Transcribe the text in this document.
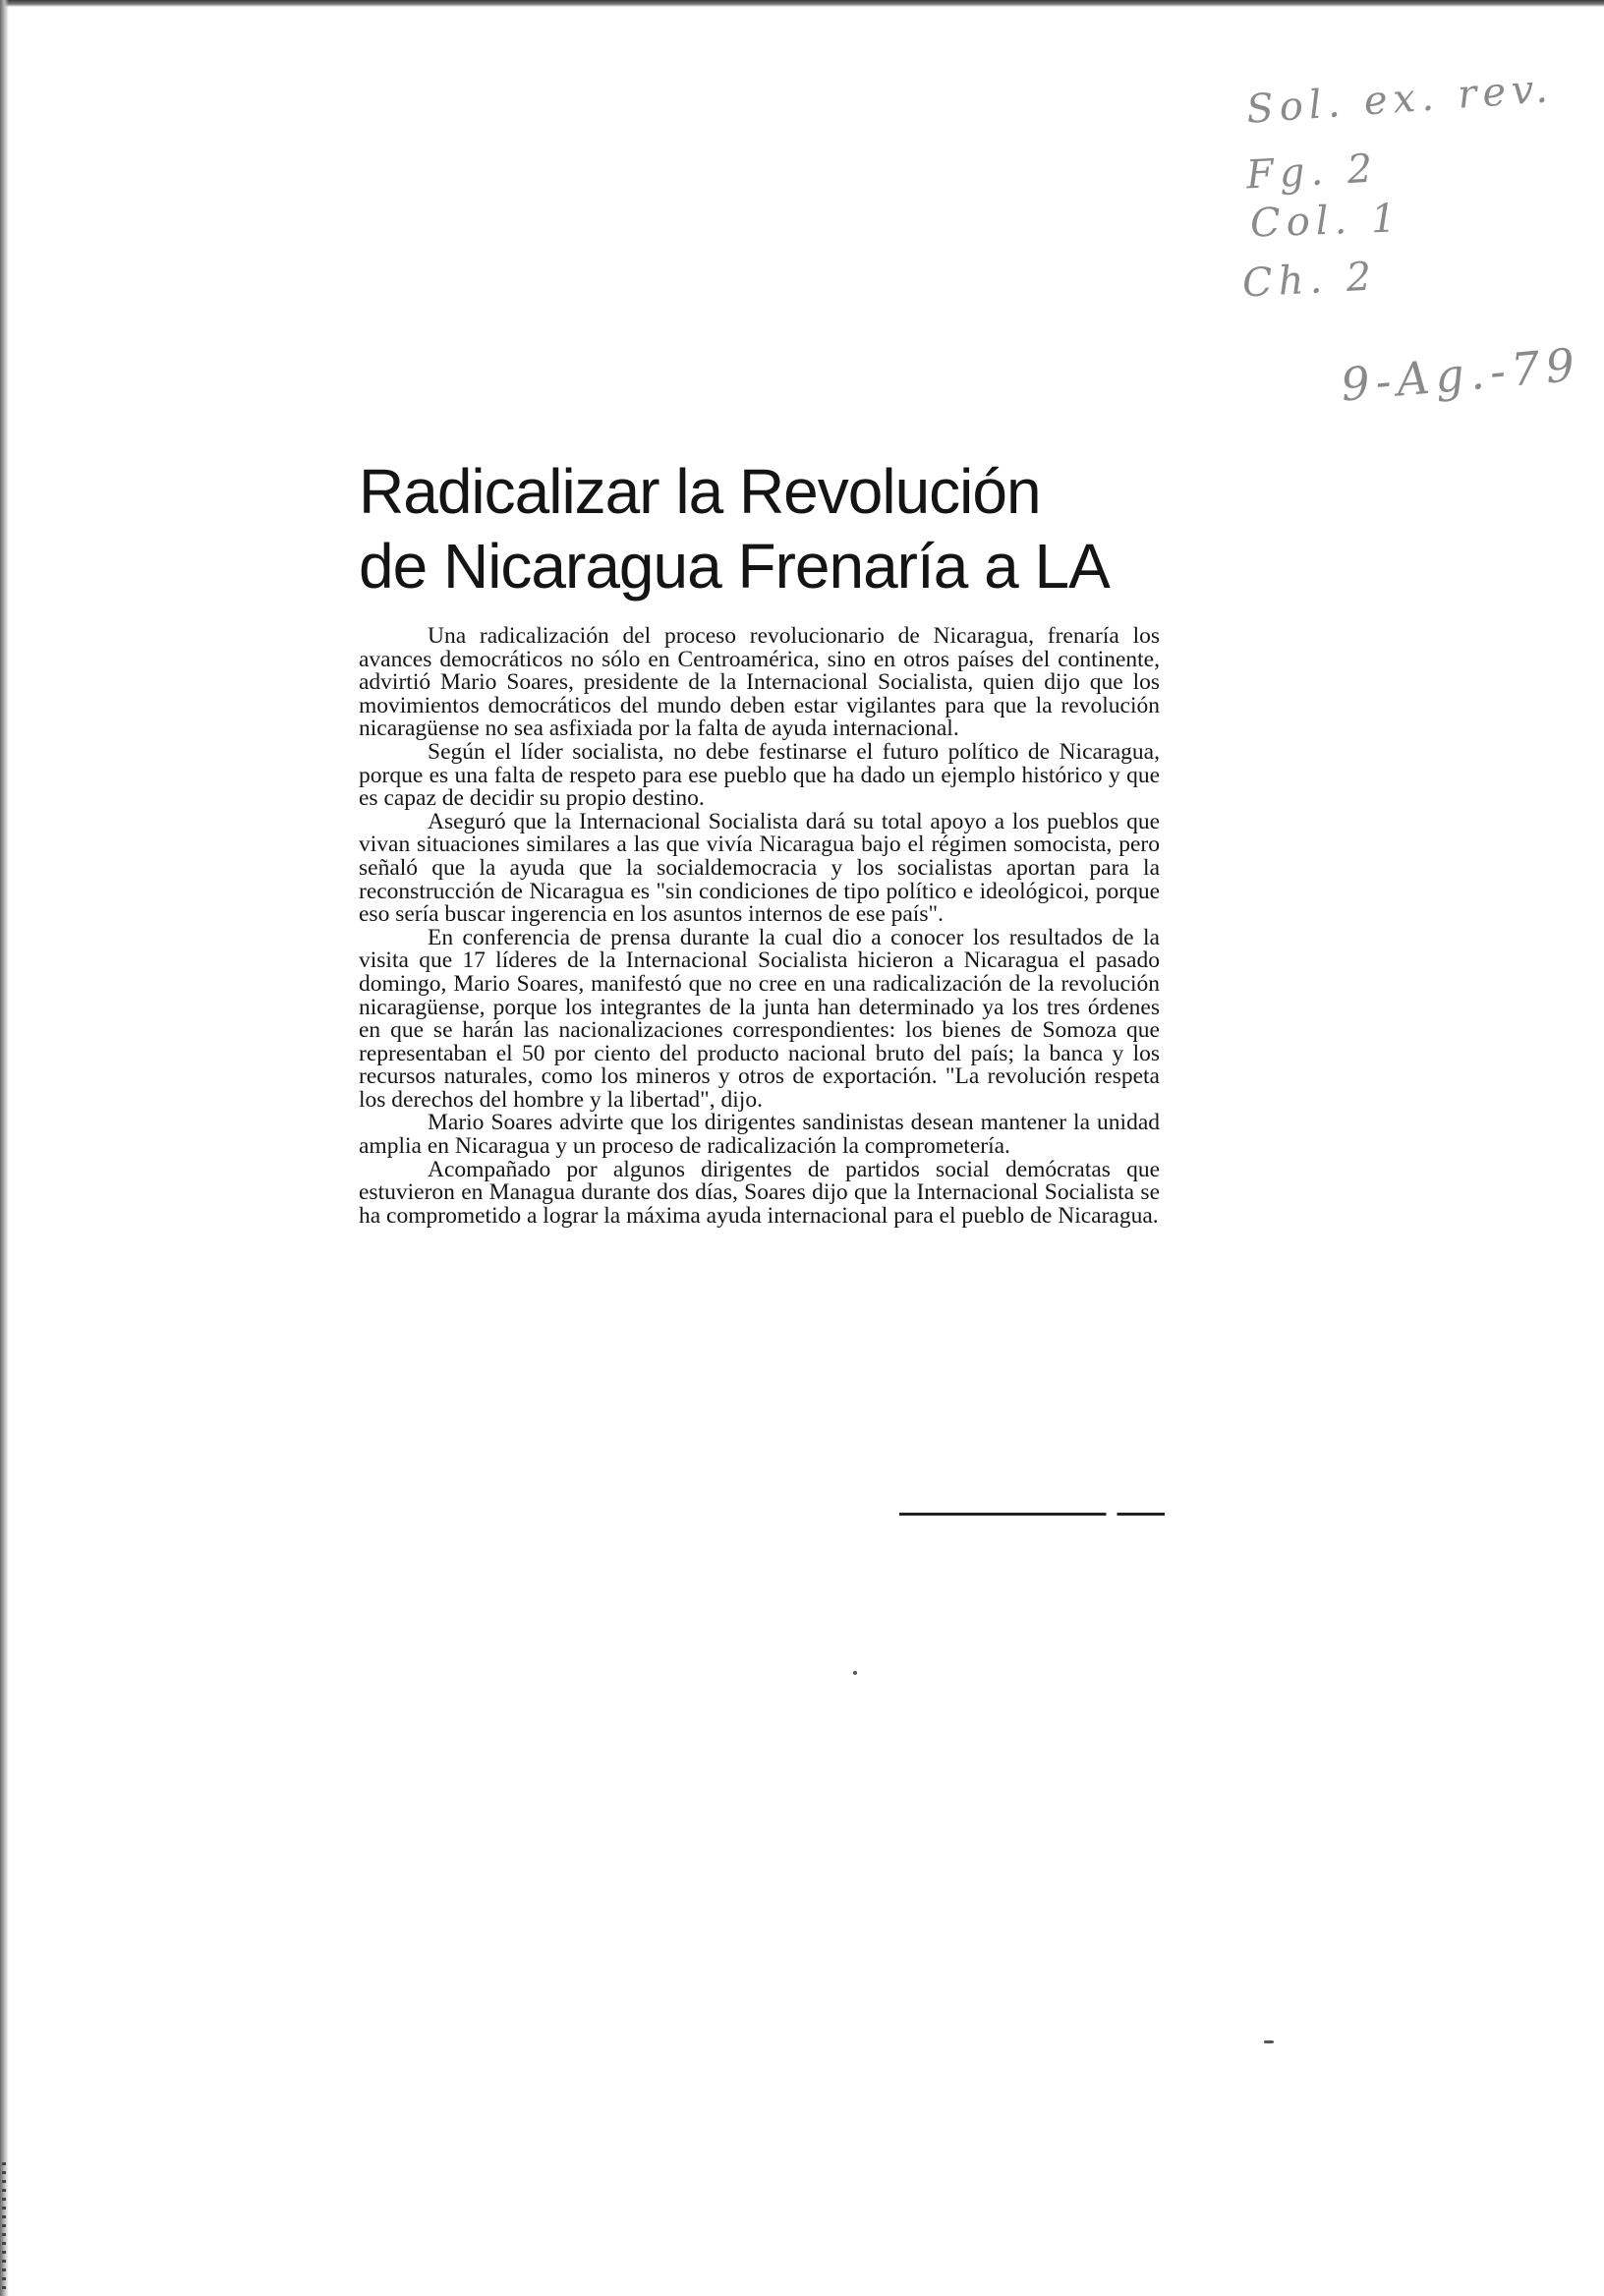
Sol. ex. rev.
Fg. 2
Col. 1
Ch. 2
9-Ag.-79
Radicalizar la Revolución
de Nicaragua Frenaría a LA

Una radicalización del proceso revolucionario de Nicaragua, frenaría los avances democráticos no sólo en Centroamérica, sino en otros países del continente, advirtió Mario Soares, presidente de la Internacional Socialista, quien dijo que los movimientos democráticos del mundo deben estar vigilantes para que la revolución nicaragüense no sea asfixiada por la falta de ayuda internacional.

Según el líder socialista, no debe festinarse el futuro político de Nicaragua, porque es una falta de respeto para ese pueblo que ha dado un ejemplo histórico y que es capaz de decidir su propio destino.

Aseguró que la Internacional Socialista dará su total apoyo a los pueblos que vivan situaciones similares a las que vivía Nicaragua bajo el régimen somocista, pero señaló que la ayuda que la socialdemocracia y los socialistas aportan para la reconstrucción de Nicaragua es "sin condiciones de tipo político e ideológicoi, porque eso sería buscar ingerencia en los asuntos internos de ese país".

En conferencia de prensa durante la cual dio a conocer los resultados de la visita que 17 líderes de la Internacional Socialista hicieron a Nicaragua el pasado domingo, Mario Soares, manifestó que no cree en una radicalización de la revolución nicaragüense, porque los integrantes de la junta han determinado ya los tres órdenes en que se harán las nacionalizaciones correspondientes: los bienes de Somoza que representaban el 50 por ciento del producto nacional bruto del país; la banca y los recursos naturales, como los mineros y otros de exportación. "La revolución respeta los derechos del hombre y la libertad", dijo.

Mario Soares advirte que los dirigentes sandinistas desean mantener la unidad amplia en Nicaragua y un proceso de radicalización la comprometería.

Acompañado por algunos dirigentes de partidos social demócratas que estuvieron en Managua durante dos días, Soares dijo que la Internacional Socialista se ha comprometido a lograr la máxima ayuda internacional para el pueblo de Nicaragua.
